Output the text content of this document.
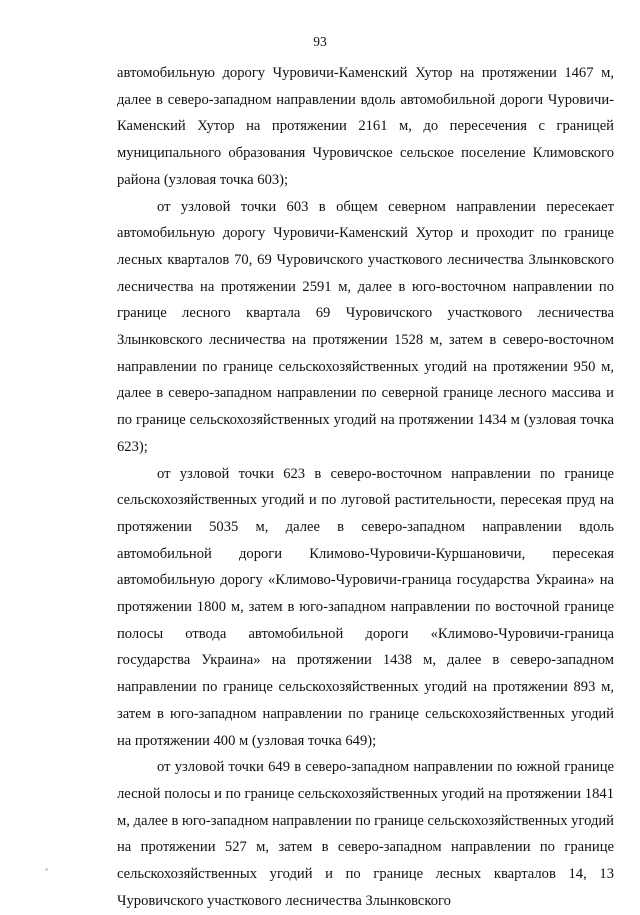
93

автомобильную дорогу Чуровичи-Каменский Хутор на протяжении 1467 м, далее в северо-западном направлении вдоль автомобильной дороги Чуровичи-Каменский Хутор на протяжении 2161 м, до пересечения с границей муниципального образования Чуровичское сельское поселение Климовского района (узловая точка 603);

от узловой точки 603 в общем северном направлении пересекает автомобильную дорогу Чуровичи-Каменский Хутор и проходит по границе лесных кварталов 70, 69 Чуровичского участкового лесничества Злынковского лесничества на протяжении 2591 м, далее в юго-восточном направлении по границе лесного квартала 69 Чуровичского участкового лесничества Злынковского лесничества на протяжении 1528 м, затем в северо-восточном направлении по границе сельскохозяйственных угодий на протяжении 950 м, далее в северо-западном направлении по северной границе лесного массива и по границе сельскохозяйственных угодий на протяжении 1434 м (узловая точка 623);

от узловой точки 623 в северо-восточном направлении по границе сельскохозяйственных угодий и по луговой растительности, пересекая пруд на протяжении 5035 м, далее в северо-западном направлении вдоль автомобильной дороги Климово-Чуровичи-Куршановичи, пересекая автомобильную дорогу «Климово-Чуровичи-граница государства Украина» на протяжении 1800 м, затем в юго-западном направлении по восточной границе полосы отвода автомобильной дороги «Климово-Чуровичи-граница государства Украина» на протяжении 1438 м, далее в северо-западном направлении по границе сельскохозяйственных угодий на протяжении 893 м, затем в юго-западном направлении по границе сельскохозяйственных угодий на протяжении 400 м (узловая точка 649);

от узловой точки 649 в северо-западном направлении по южной границе лесной полосы и по границе сельскохозяйственных угодий на протяжении 1841 м, далее в юго-западном направлении по границе сельскохозяйственных угодий на протяжении 527 м, затем в северо-западном направлении по границе сельскохозяйственных угодий и по границе лесных кварталов 14, 13 Чуровичского участкового лесничества Злынковского
